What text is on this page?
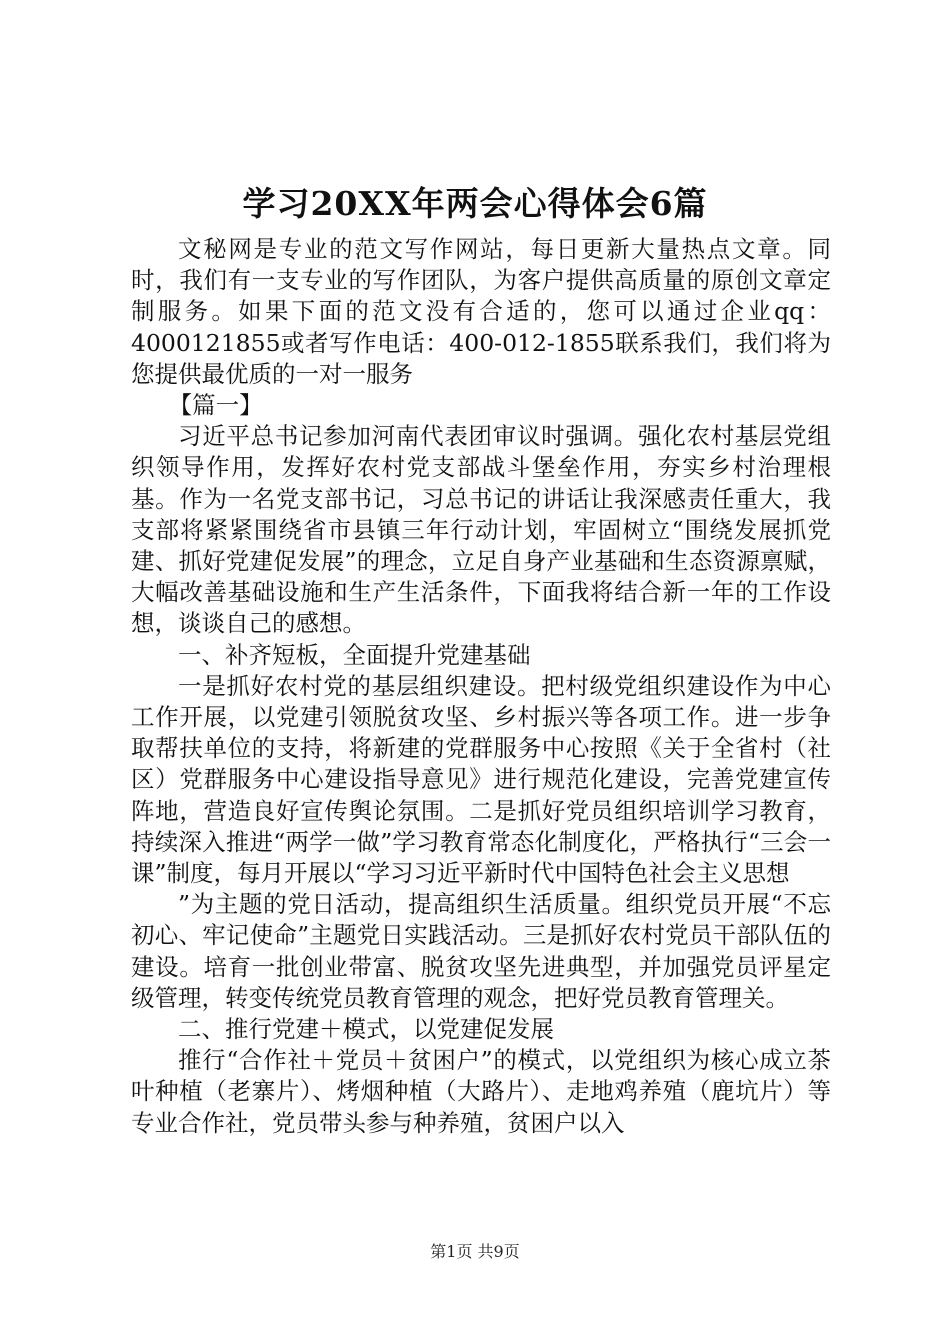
学习20XX年两会心得体会6篇

文秘网是专业的范文写作网站，每日更新大量热点文章。同时，我们有一支专业的写作团队，为客户提供高质量的原创文章定制服务。如果下面的范文没有合适的，您可以通过企业qq：4000121855或者写作电话：400-012-1855联系我们，我们将为您提供最优质的一对一服务

【篇一】

习近平总书记参加河南代表团审议时强调。强化农村基层党组织领导作用，发挥好农村党支部战斗堡垒作用，夯实乡村治理根基。作为一名党支部书记，习总书记的讲话让我深感责任重大，我支部将紧紧围绕省市县镇三年行动计划，牢固树立“围绕发展抓党建、抓好党建促发展”的理念，立足自身产业基础和生态资源禀赋，大幅改善基础设施和生产生活条件，下面我将结合新一年的工作设想，谈谈自己的感想。

一、补齐短板，全面提升党建基础

一是抓好农村党的基层组织建设。把村级党组织建设作为中心工作开展，以党建引领脱贫攻坚、乡村振兴等各项工作。进一步争取帮扶单位的支持，将新建的党群服务中心按照《关于全省村（社区）党群服务中心建设指导意见》进行规范化建设，完善党建宣传阵地，营造良好宣传舆论氛围。二是抓好党员组织培训学习教育，持续深入推进“两学一做”学习教育常态化制度化，严格执行“三会一课”制度，每月开展以“学习习近平新时代中国特色社会主义思想

”为主题的党日活动，提高组织生活质量。组织党员开展“不忘初心、牢记使命”主题党日实践活动。三是抓好农村党员干部队伍的建设。培育一批创业带富、脱贫攻坚先进典型，并加强党员评星定级管理，转变传统党员教育管理的观念，把好党员教育管理关。

二、推行党建＋模式，以党建促发展

推行“合作社＋党员＋贫困户”的模式，以党组织为核心成立茶叶种植（老寨片）、烤烟种植（大路片）、走地鸡养殖（鹿坑片）等专业合作社，党员带头参与种养殖，贫困户以入

第1页 共9页
